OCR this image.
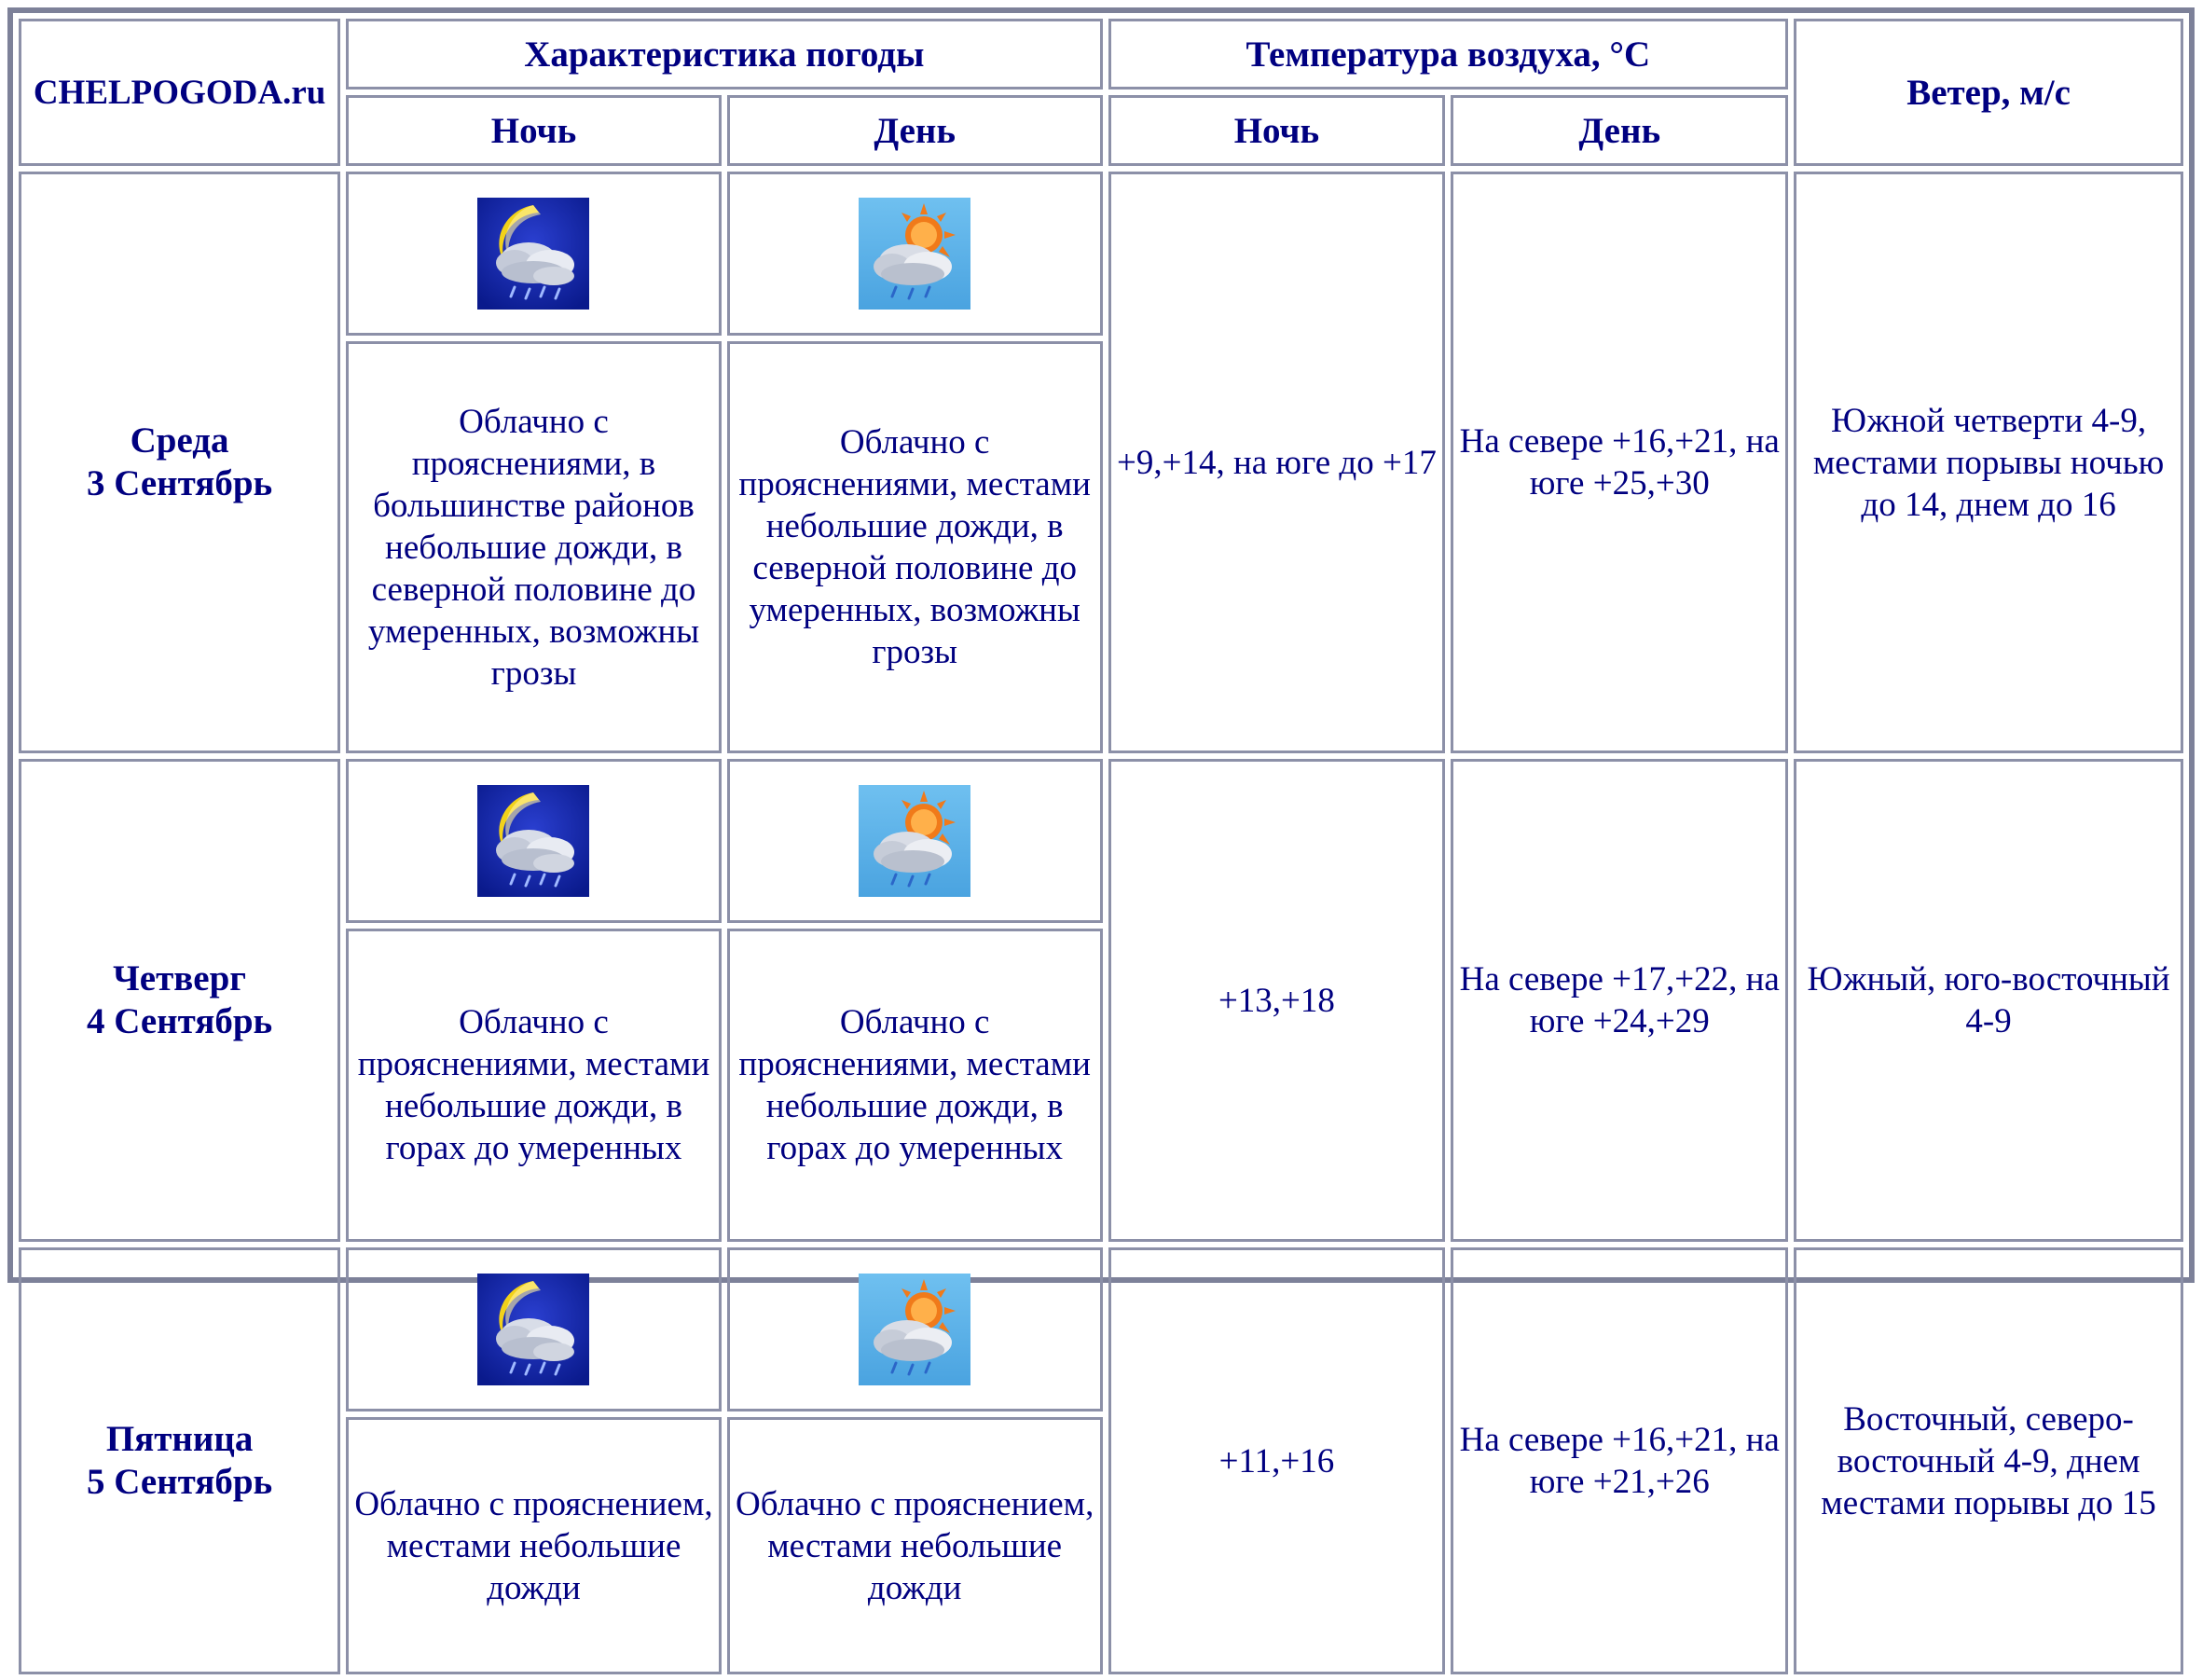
CHELPOGODA.ru	Характеристика погоды		Температура воздуха, °C		Ветер, м/с
	Ночь	День	Ночь	День	
Среда
3 Сентябрь			+9,+14, на юге до +17	На севере +16,+21, на юге +25,+30	Южной четверти 4-9, местами порывы ночью до 14, днем до 16
	Облачно с прояснениями, в большинстве районов небольшие дожди, в северной половине до умеренных, возможны грозы	Облачно с прояснениями, местами небольшие дожди, в северной половине до умеренных, возможны грозы			
Четверг
4 Сентябрь			+13,+18	На севере +17,+22, на юге +24,+29	Южный, юго-восточный 4-9
	Облачно с прояснениями, местами небольшие дожди, в горах до умеренных	Облачно с прояснениями, местами небольшие дожди, в горах до умеренных			
Пятница
5 Сентябрь			+11,+16	На севере +16,+21, на юге +21,+26	Восточный, северо-восточный 4-9, днем местами порывы до 15
	Облачно с прояснением, местами небольшие дожди	Облачно с прояснением, местами небольшие дожди			
